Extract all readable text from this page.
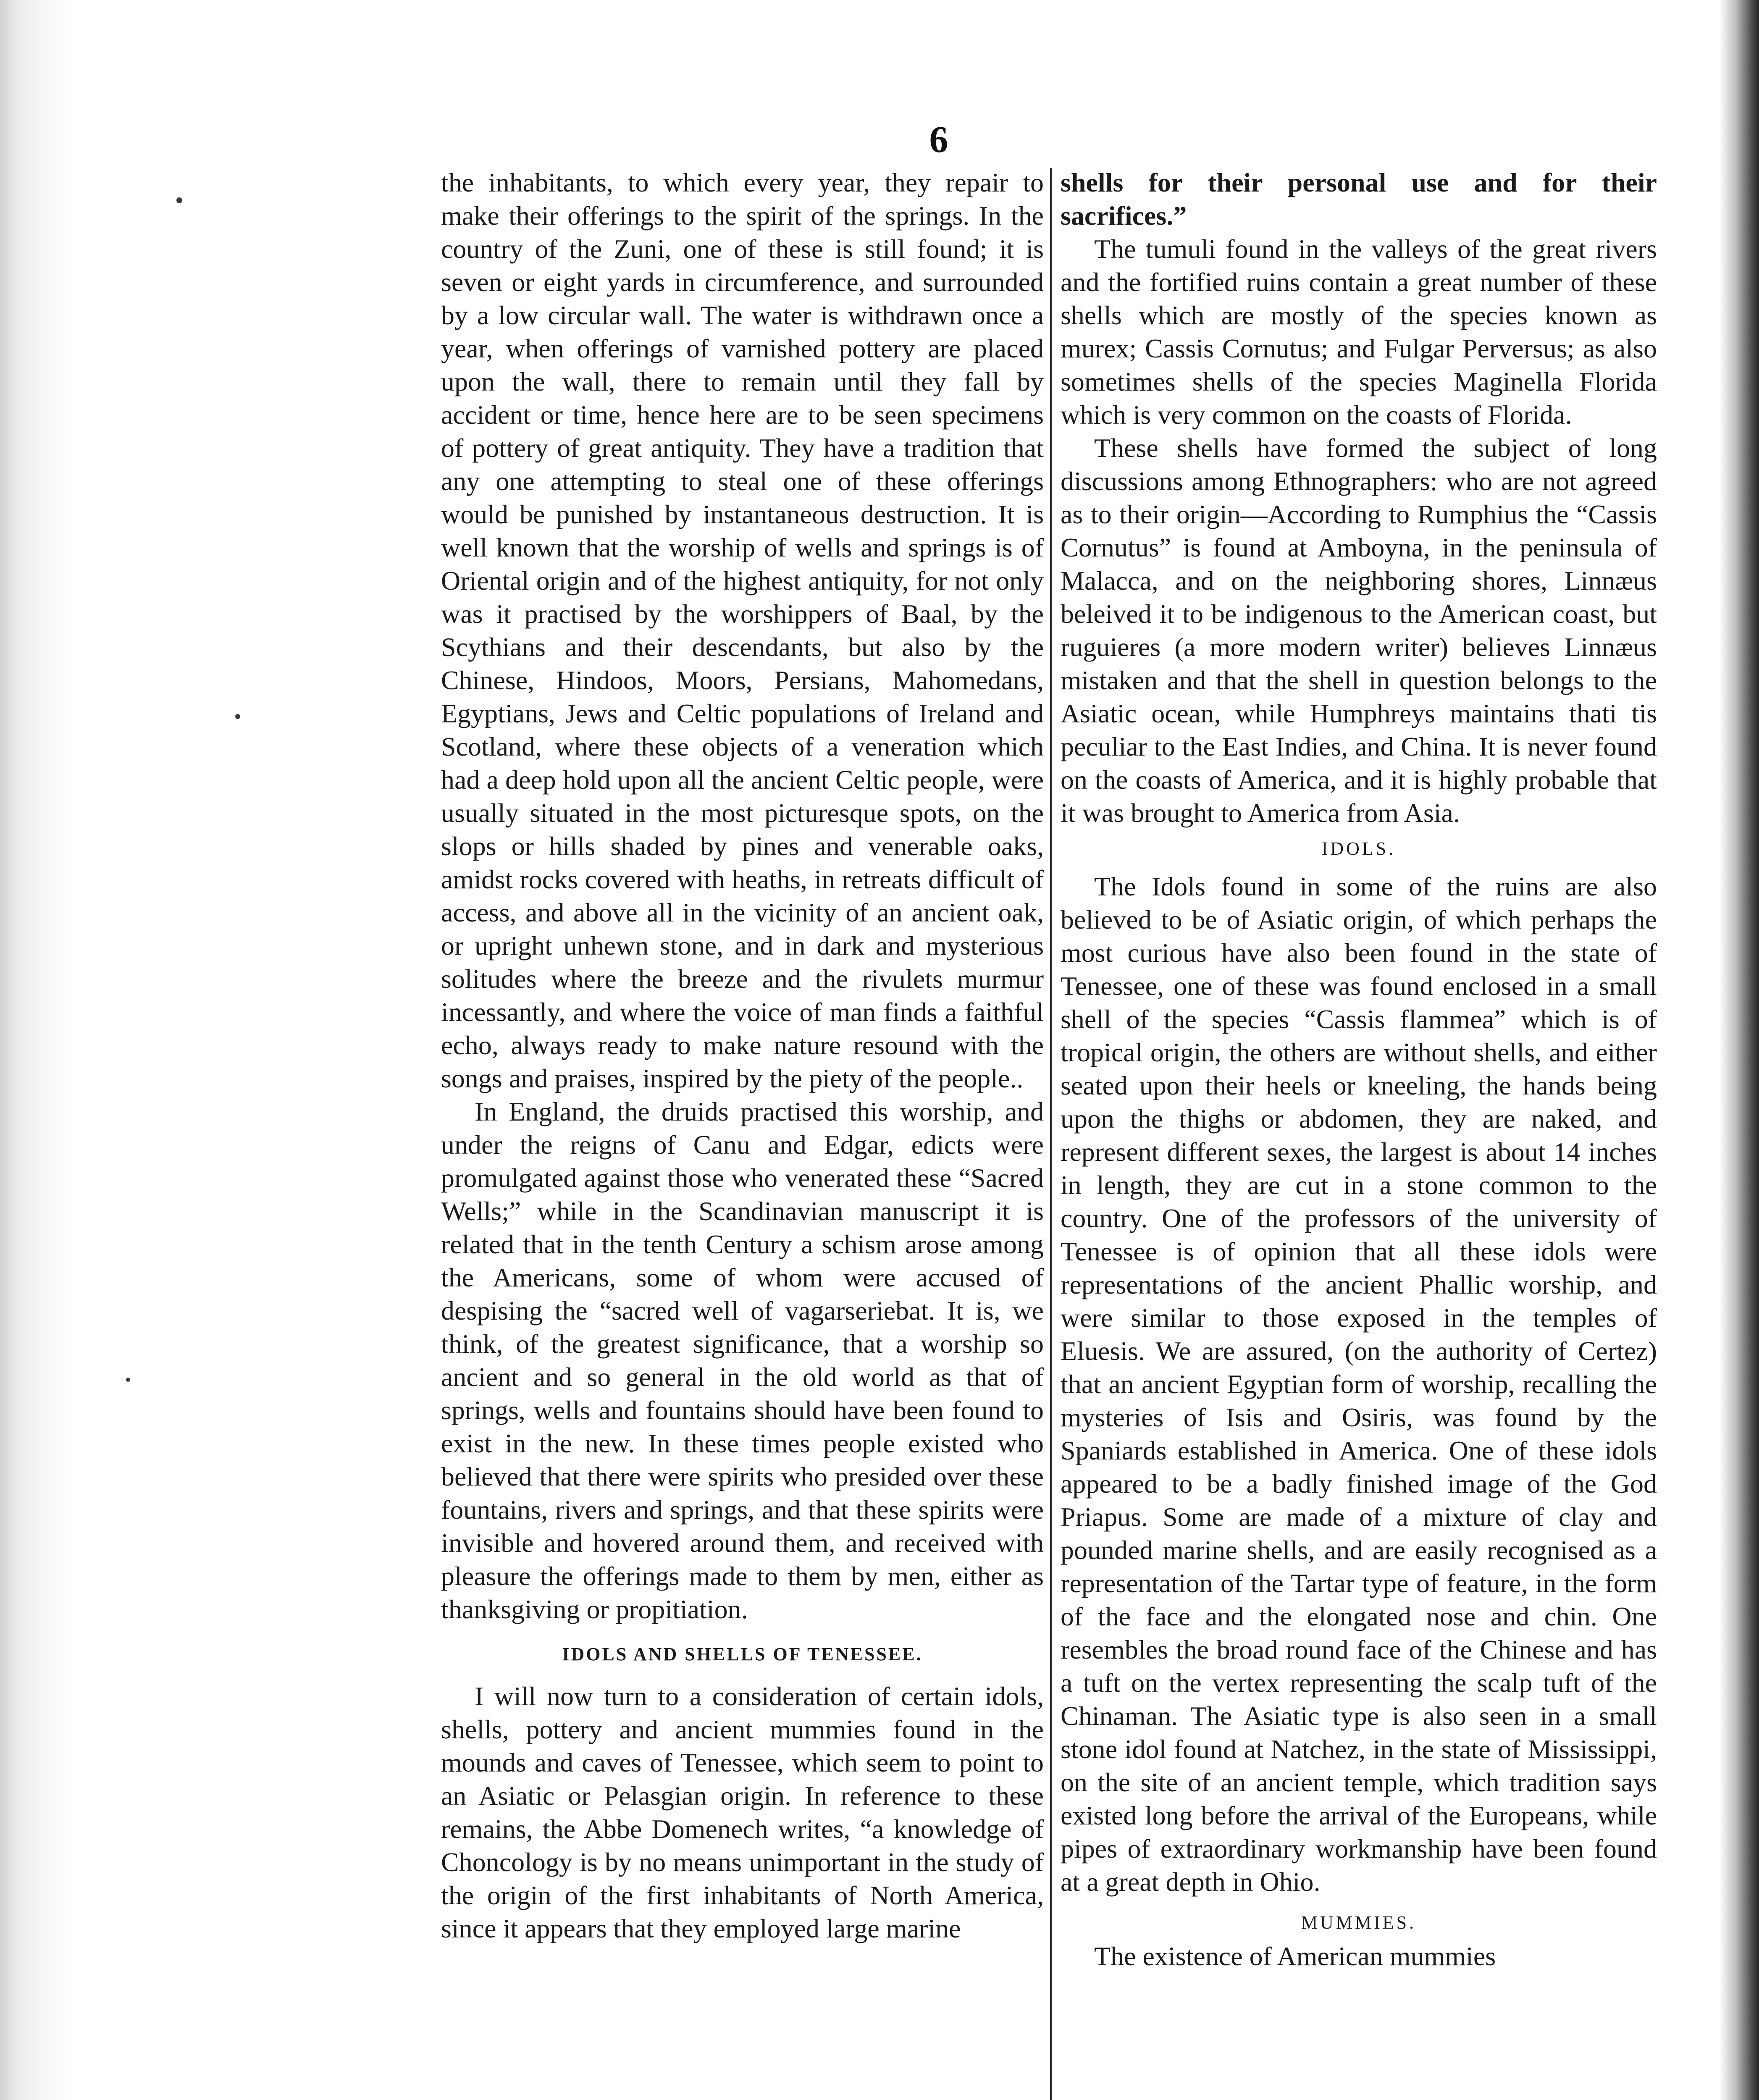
6

the inhabitants, to which every year, they repair to make their offerings to the spirit of the springs. In the country of the Zuni, one of these is still found; it is seven or eight yards in circumference, and surrounded by a low circular wall. The water is withdrawn once a year, when offerings of varnished pottery are placed upon the wall, there to remain until they fall by accident or time, hence here are to be seen specimens of pottery of great antiquity. They have a tradition that any one attempting to steal one of these offerings would be punished by instantaneous destruction. It is well known that the worship of wells and springs is of Oriental origin and of the highest antiquity, for not only was it practised by the worshippers of Baal, by the Scythians and their descendants, but also by the Chinese, Hindoos, Moors, Persians, Mahomedans, Egyptians, Jews and Celtic populations of Ireland and Scotland, where these objects of a veneration which had a deep hold upon all the ancient Celtic people, were usually situated in the most picturesque spots, on the slops or hills shaded by pines and venerable oaks, amidst rocks covered with heaths, in retreats difficult of access, and above all in the vicinity of an ancient oak, or upright unhewn stone, and in dark and mysterious solitudes where the breeze and the rivulets murmur incessantly, and where the voice of man finds a faithful echo, always ready to make nature resound with the songs and praises, inspired by the piety of the people..

In England, the druids practised this worship, and under the reigns of Canu and Edgar, edicts were promulgated against those who venerated these “Sacred Wells;” while in the Scandinavian manuscript it is related that in the tenth Century a schism arose among the Americans, some of whom were accused of despising the “sacred well of vagarseriebat. It is, we think, of the greatest significance, that a worship so ancient and so general in the old world as that of springs, wells and fountains should have been found to exist in the new. In these times people existed who believed that there were spirits who presided over these fountains, rivers and springs, and that these spirits were invisible and hovered around them, and received with pleasure the offerings made to them by men, either as thanksgiving or propitiation.

IDOLS AND SHELLS OF TENESSEE.

I will now turn to a consideration of certain idols, shells, pottery and ancient mummies found in the mounds and caves of Tenessee, which seem to point to an Asiatic or Pelasgian origin. In reference to these remains, the Abbe Domenech writes, “a knowledge of Choncology is by no means unimportant in the study of the origin of the first inhabitants of North America, since it appears that they employed large marine

shells for their personal use and for their sacrifices.”

The tumuli found in the valleys of the great rivers and the fortified ruins contain a great number of these shells which are mostly of the species known as murex; Cassis Cornutus; and Fulgar Perversus; as also sometimes shells of the species Maginella Florida which is very common on the coasts of Florida.

These shells have formed the subject of long discussions among Ethnographers: who are not agreed as to their origin—According to Rumphius the “Cassis Cornutus” is found at Amboyna, in the peninsula of Malacca, and on the neighboring shores, Linnæus beleived it to be indigenous to the American coast, but ruguieres (a more modern writer) believes Linnæus mistaken and that the shell in question belongs to the Asiatic ocean, while Humphreys maintains thati tis peculiar to the East Indies, and China. It is never found on the coasts of America, and it is highly probable that it was brought to America from Asia.

IDOLS.

The Idols found in some of the ruins are also believed to be of Asiatic origin, of which perhaps the most curious have also been found in the state of Tenessee, one of these was found enclosed in a small shell of the species “Cassis flammea” which is of tropical origin, the others are without shells, and either seated upon their heels or kneeling, the hands being upon the thighs or abdomen, they are naked, and represent different sexes, the largest is about 14 inches in length, they are cut in a stone common to the country. One of the professors of the university of Tenessee is of opinion that all these idols were representations of the ancient Phallic worship, and were similar to those exposed in the temples of Eluesis. We are assured, (on the authority of Certez) that an ancient Egyptian form of worship, recalling the mysteries of Isis and Osiris, was found by the Spaniards established in America. One of these idols appeared to be a badly finished image of the God Priapus. Some are made of a mixture of clay and pounded marine shells, and are easily recognised as a representation of the Tartar type of feature, in the form of the face and the elongated nose and chin. One resembles the broad round face of the Chinese and has a tuft on the vertex representing the scalp tuft of the Chinaman. The Asiatic type is also seen in a small stone idol found at Natchez, in the state of Mississippi, on the site of an ancient temple, which tradition says existed long before the arrival of the Europeans, while pipes of extraordinary workmanship have been found at a great depth in Ohio.

MUMMIES.

The existence of American mummies
